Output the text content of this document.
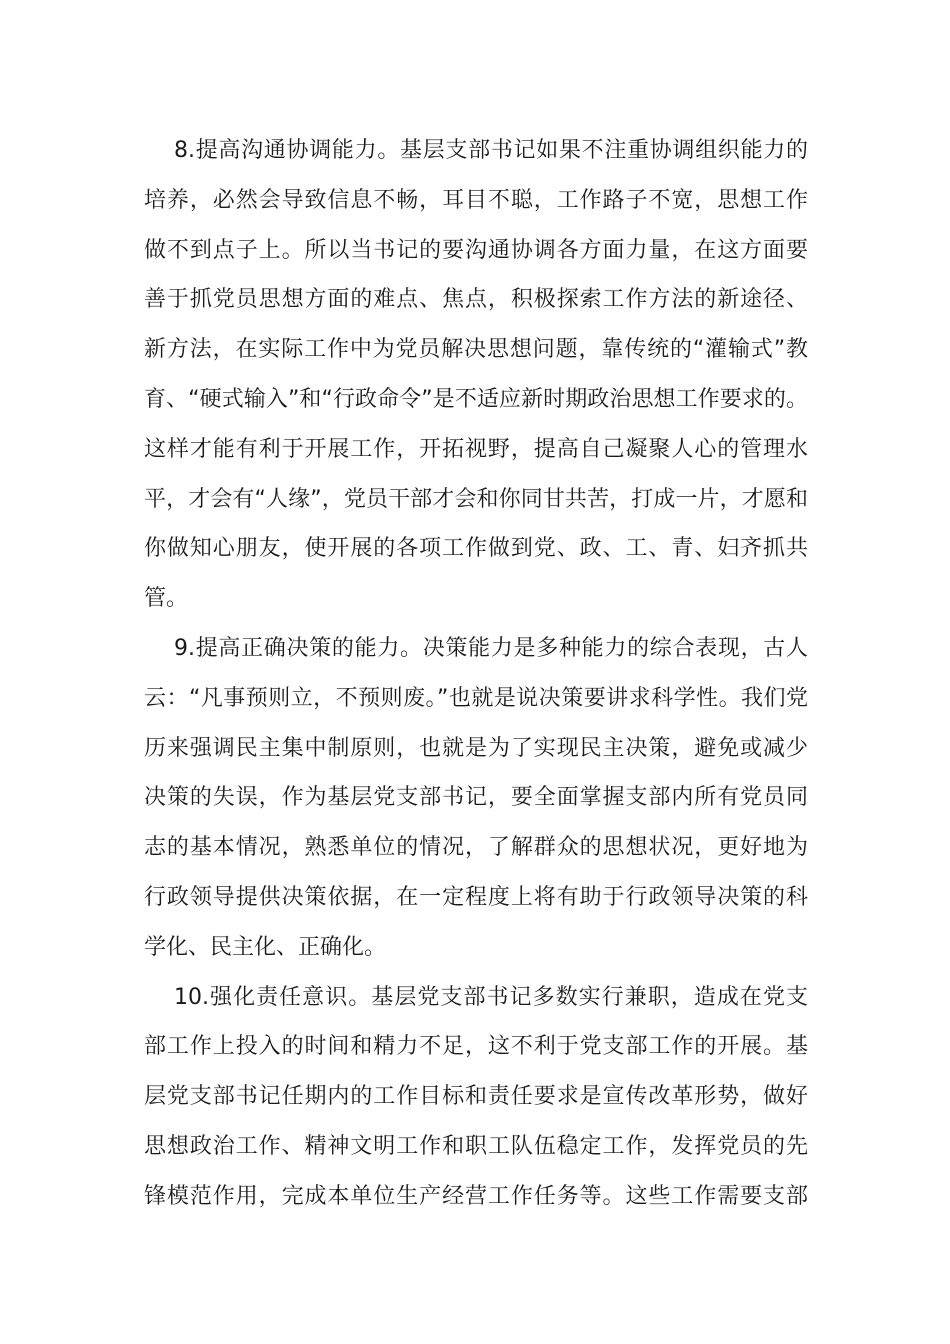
8.提高沟通协调能力。基层支部书记如果不注重协调组织能力的
培养，必然会导致信息不畅，耳目不聪，工作路子不宽，思想工作
做不到点子上。所以当书记的要沟通协调各方面力量，在这方面要
善于抓党员思想方面的难点、焦点，积极探索工作方法的新途径、
新方法，在实际工作中为党员解决思想问题，靠传统的“灌输式”教
育、“硬式输入”和“行政命令”是不适应新时期政治思想工作要求的。
这样才能有利于开展工作，开拓视野，提高自己凝聚人心的管理水
平，才会有“人缘”，党员干部才会和你同甘共苦，打成一片，才愿和
你做知心朋友，使开展的各项工作做到党、政、工、青、妇齐抓共
管。
9.提高正确决策的能力。决策能力是多种能力的综合表现，古人
云：“凡事预则立，不预则废。”也就是说决策要讲求科学性。我们党
历来强调民主集中制原则，也就是为了实现民主决策，避免或减少
决策的失误，作为基层党支部书记，要全面掌握支部内所有党员同
志的基本情况，熟悉单位的情况，了解群众的思想状况，更好地为
行政领导提供决策依据，在一定程度上将有助于行政领导决策的科
学化、民主化、正确化。
10.强化责任意识。基层党支部书记多数实行兼职，造成在党支
部工作上投入的时间和精力不足，这不利于党支部工作的开展。基
层党支部书记任期内的工作目标和责任要求是宣传改革形势，做好
思想政治工作、精神文明工作和职工队伍稳定工作，发挥党员的先
锋模范作用，完成本单位生产经营工作任务等。这些工作需要支部
